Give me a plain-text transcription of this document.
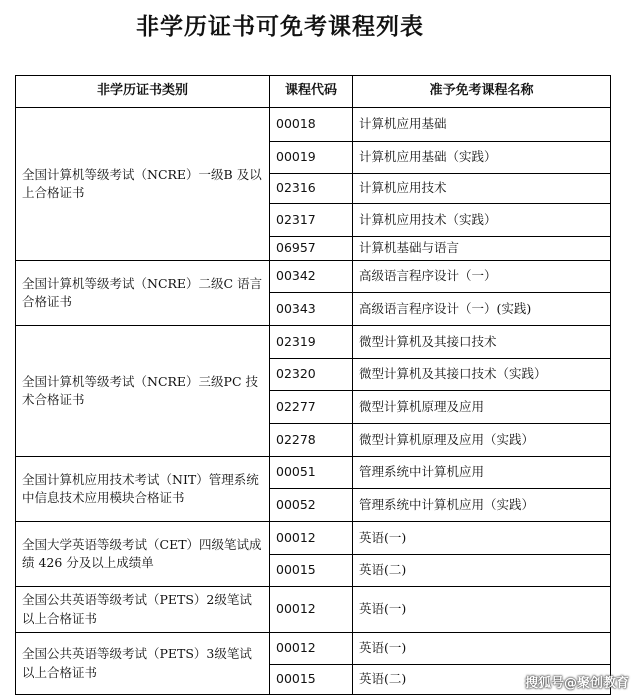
非学历证书可免考课程列表
非学历证书类别	课程代码	准予免考课程名称
全国计算机等级考试（NCRE）一级B 及以上合格证书	00018	计算机应用基础
	00019	计算机应用基础（实践）
	02316	计算机应用技术
	02317	计算机应用技术（实践）
	06957	计算机基础与语言
全国计算机等级考试（NCRE）二级C 语言合格证书	00342	高级语言程序设计（一）
	00343	高级语言程序设计（一）(实践)
全国计算机等级考试（NCRE）三级PC 技术合格证书	02319	微型计算机及其接口技术
	02320	微型计算机及其接口技术（实践）
	02277	微型计算机原理及应用
	02278	微型计算机原理及应用（实践）
全国计算机应用技术考试（NIT）管理系统中信息技术应用模块合格证书	00051	管理系统中计算机应用
	00052	管理系统中计算机应用（实践）
全国大学英语等级考试（CET）四级笔试成绩 426 分及以上成绩单	00012	英语(一)
	00015	英语(二)
全国公共英语等级考试（PETS）2级笔试以上合格证书	00012	英语(一)
全国公共英语等级考试（PETS）3级笔试以上合格证书	00012	英语(一)
	00015	英语(二)	搜狐号@聚创教育
